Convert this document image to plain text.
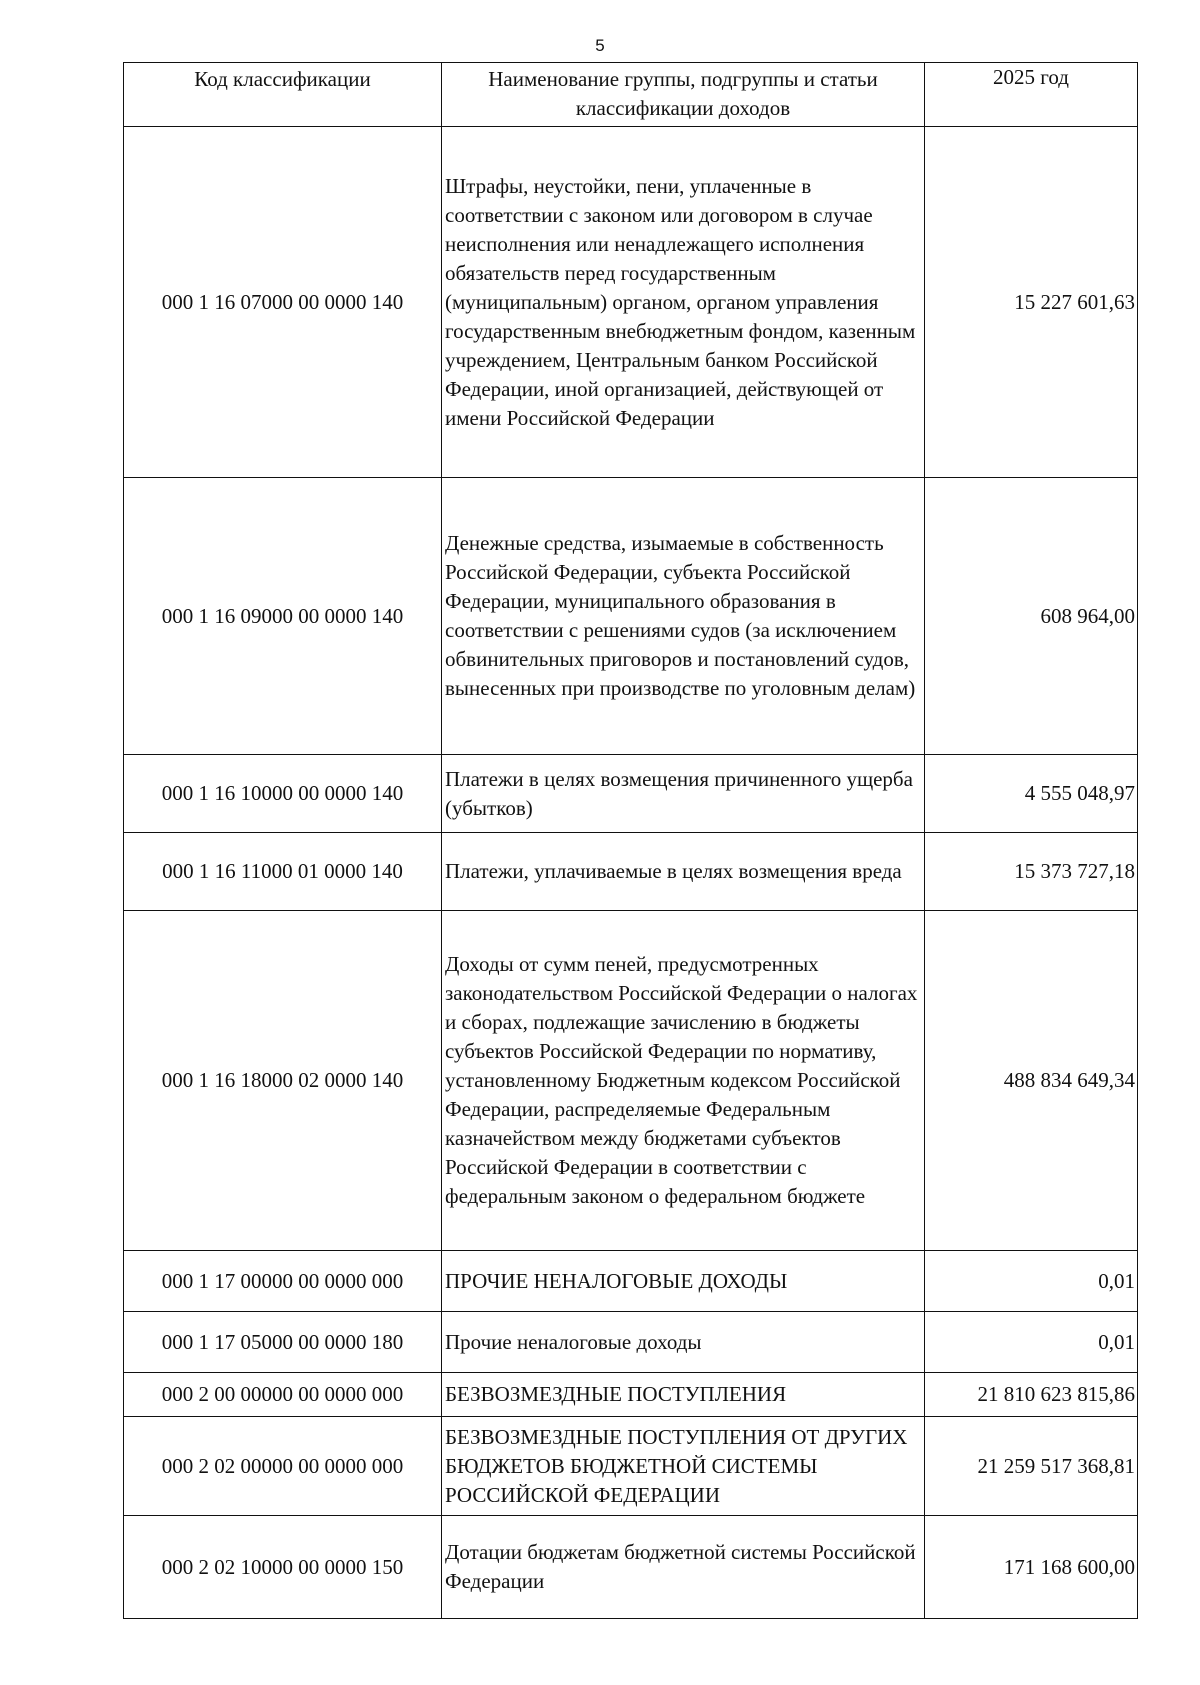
5
Код классификации	Наименование группы, подгруппы и статьи классификации доходов	2025 год
000 1 16 07000 00 0000 140	Штрафы, неустойки, пени, уплаченные в соответствии с законом или договором в случае неисполнения или ненадлежащего исполнения обязательств перед государственным (муниципальным) органом, органом управления государственным внебюджетным фондом, казенным учреждением, Центральным банком Российской Федерации, иной организацией, действующей от имени Российской Федерации	15 227 601,63
000 1 16 09000 00 0000 140	Денежные средства, изымаемые в собственность Российской Федерации, субъекта Российской Федерации, муниципального образования в соответствии с решениями судов (за исключением обвинительных приговоров и постановлений судов, вынесенных при производстве по уголовным делам)	608 964,00
000 1 16 10000 00 0000 140	Платежи в целях возмещения причиненного ущерба (убытков)	4 555 048,97
000 1 16 11000 01 0000 140	Платежи, уплачиваемые в целях возмещения вреда	15 373 727,18
000 1 16 18000 02 0000 140	Доходы от сумм пеней, предусмотренных законодательством Российской Федерации о налогах и сборах, подлежащие зачислению в бюджеты субъектов Российской Федерации по нормативу, установленному Бюджетным кодексом Российской Федерации, распределяемые Федеральным казначейством между бюджетами субъектов Российской Федерации в соответствии с федеральным законом о федеральном бюджете	488 834 649,34
000 1 17 00000 00 0000 000	ПРОЧИЕ НЕНАЛОГОВЫЕ ДОХОДЫ	0,01
000 1 17 05000 00 0000 180	Прочие неналоговые доходы	0,01
000 2 00 00000 00 0000 000	БЕЗВОЗМЕЗДНЫЕ ПОСТУПЛЕНИЯ	21 810 623 815,86
000 2 02 00000 00 0000 000	БЕЗВОЗМЕЗДНЫЕ ПОСТУПЛЕНИЯ ОТ ДРУГИХ БЮДЖЕТОВ БЮДЖЕТНОЙ СИСТЕМЫ РОССИЙСКОЙ ФЕДЕРАЦИИ	21 259 517 368,81
000 2 02 10000 00 0000 150	Дотации бюджетам бюджетной системы Российской Федерации	171 168 600,00
